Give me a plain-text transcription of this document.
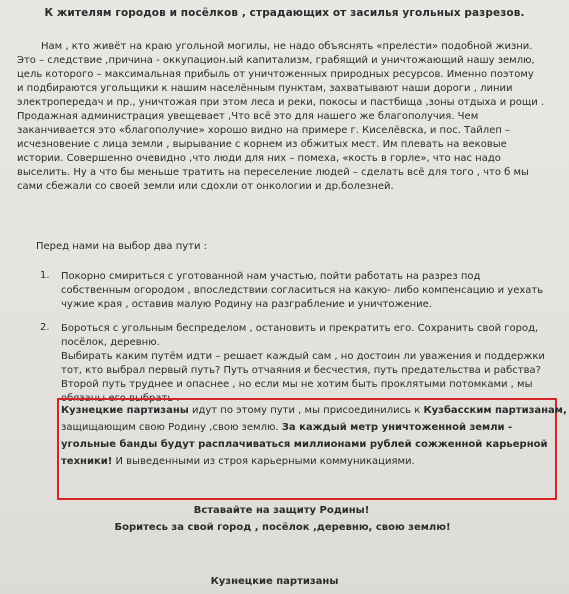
К жителям городов и посёлков , страдающих от засилья угольных разрезов.
Нам , кто живёт на краю угольной могилы, не надо объяснять «прелести» подобной жизни.
Это – следствие ,причина - оккупацион.ый капитализм, грабящий и уничтожающий нашу землю,
цель которого – максимальная прибыль от уничтоженных природных ресурсов. Именно поэтому
и подбираются угольщики к нашим населённым пунктам, захватывают наши дороги , линии
электропередач и пр., уничтожая при этом леса и реки, покосы и пастбища ,зоны отдыха и рощи .
Продажная администрация увещевает ,Что всё это для нашего же благополучия. Чем
заканчивается это «благополучие» хорошо видно на примере г. Киселёвска, и пос. Тайлеп –
исчезновение с лица земли , вырывание с корнем из обжитых мест. Им плевать на вековые
истории. Совершенно очевидно ,что люди для них – помеха, «кость в горле», что нас надо
выселить. Ну а что бы меньше тратить на переселение людей – сделать всё для того , что б мы
сами сбежали со своей земли или сдохли от онкологии и др.болезней.
Перед нами на выбор два пути :
1. Покорно смириться с уготованной нам участью, пойти работать на разрез под
собственным огородом , впоследствии согласиться на какую- либо компенсацию и уехать
чужие края , оставив малую Родину на разграбление и уничтожение.
2. Бороться с угольным беспределом , остановить и прекратить его. Сохранить свой город,
посёлок, деревню.
Выбирать каким путём идти – решает каждый сам , но достоин ли уважения и поддержки
тот, кто выбрал первый путь? Путь отчаяния и бесчестия, путь предательства и рабства?
Второй путь труднее и опаснее , но если мы не хотим быть проклятыми потомками , мы
обязаны его выбрать .
Кузнецкие партизаны идут по этому пути , мы присоединились к Кузбасским партизанам,
защищающим свою Родину ,свою землю. За каждый метр уничтоженной земли -
угольные банды будут расплачиваться миллионами рублей сожженной карьерной
техники! И выведенными из строя карьерными коммуникациями.
Вставайте на защиту Родины!
Боритесь за свой город , посёлок ,деревню, свою землю!
Кузнецкие партизаны
